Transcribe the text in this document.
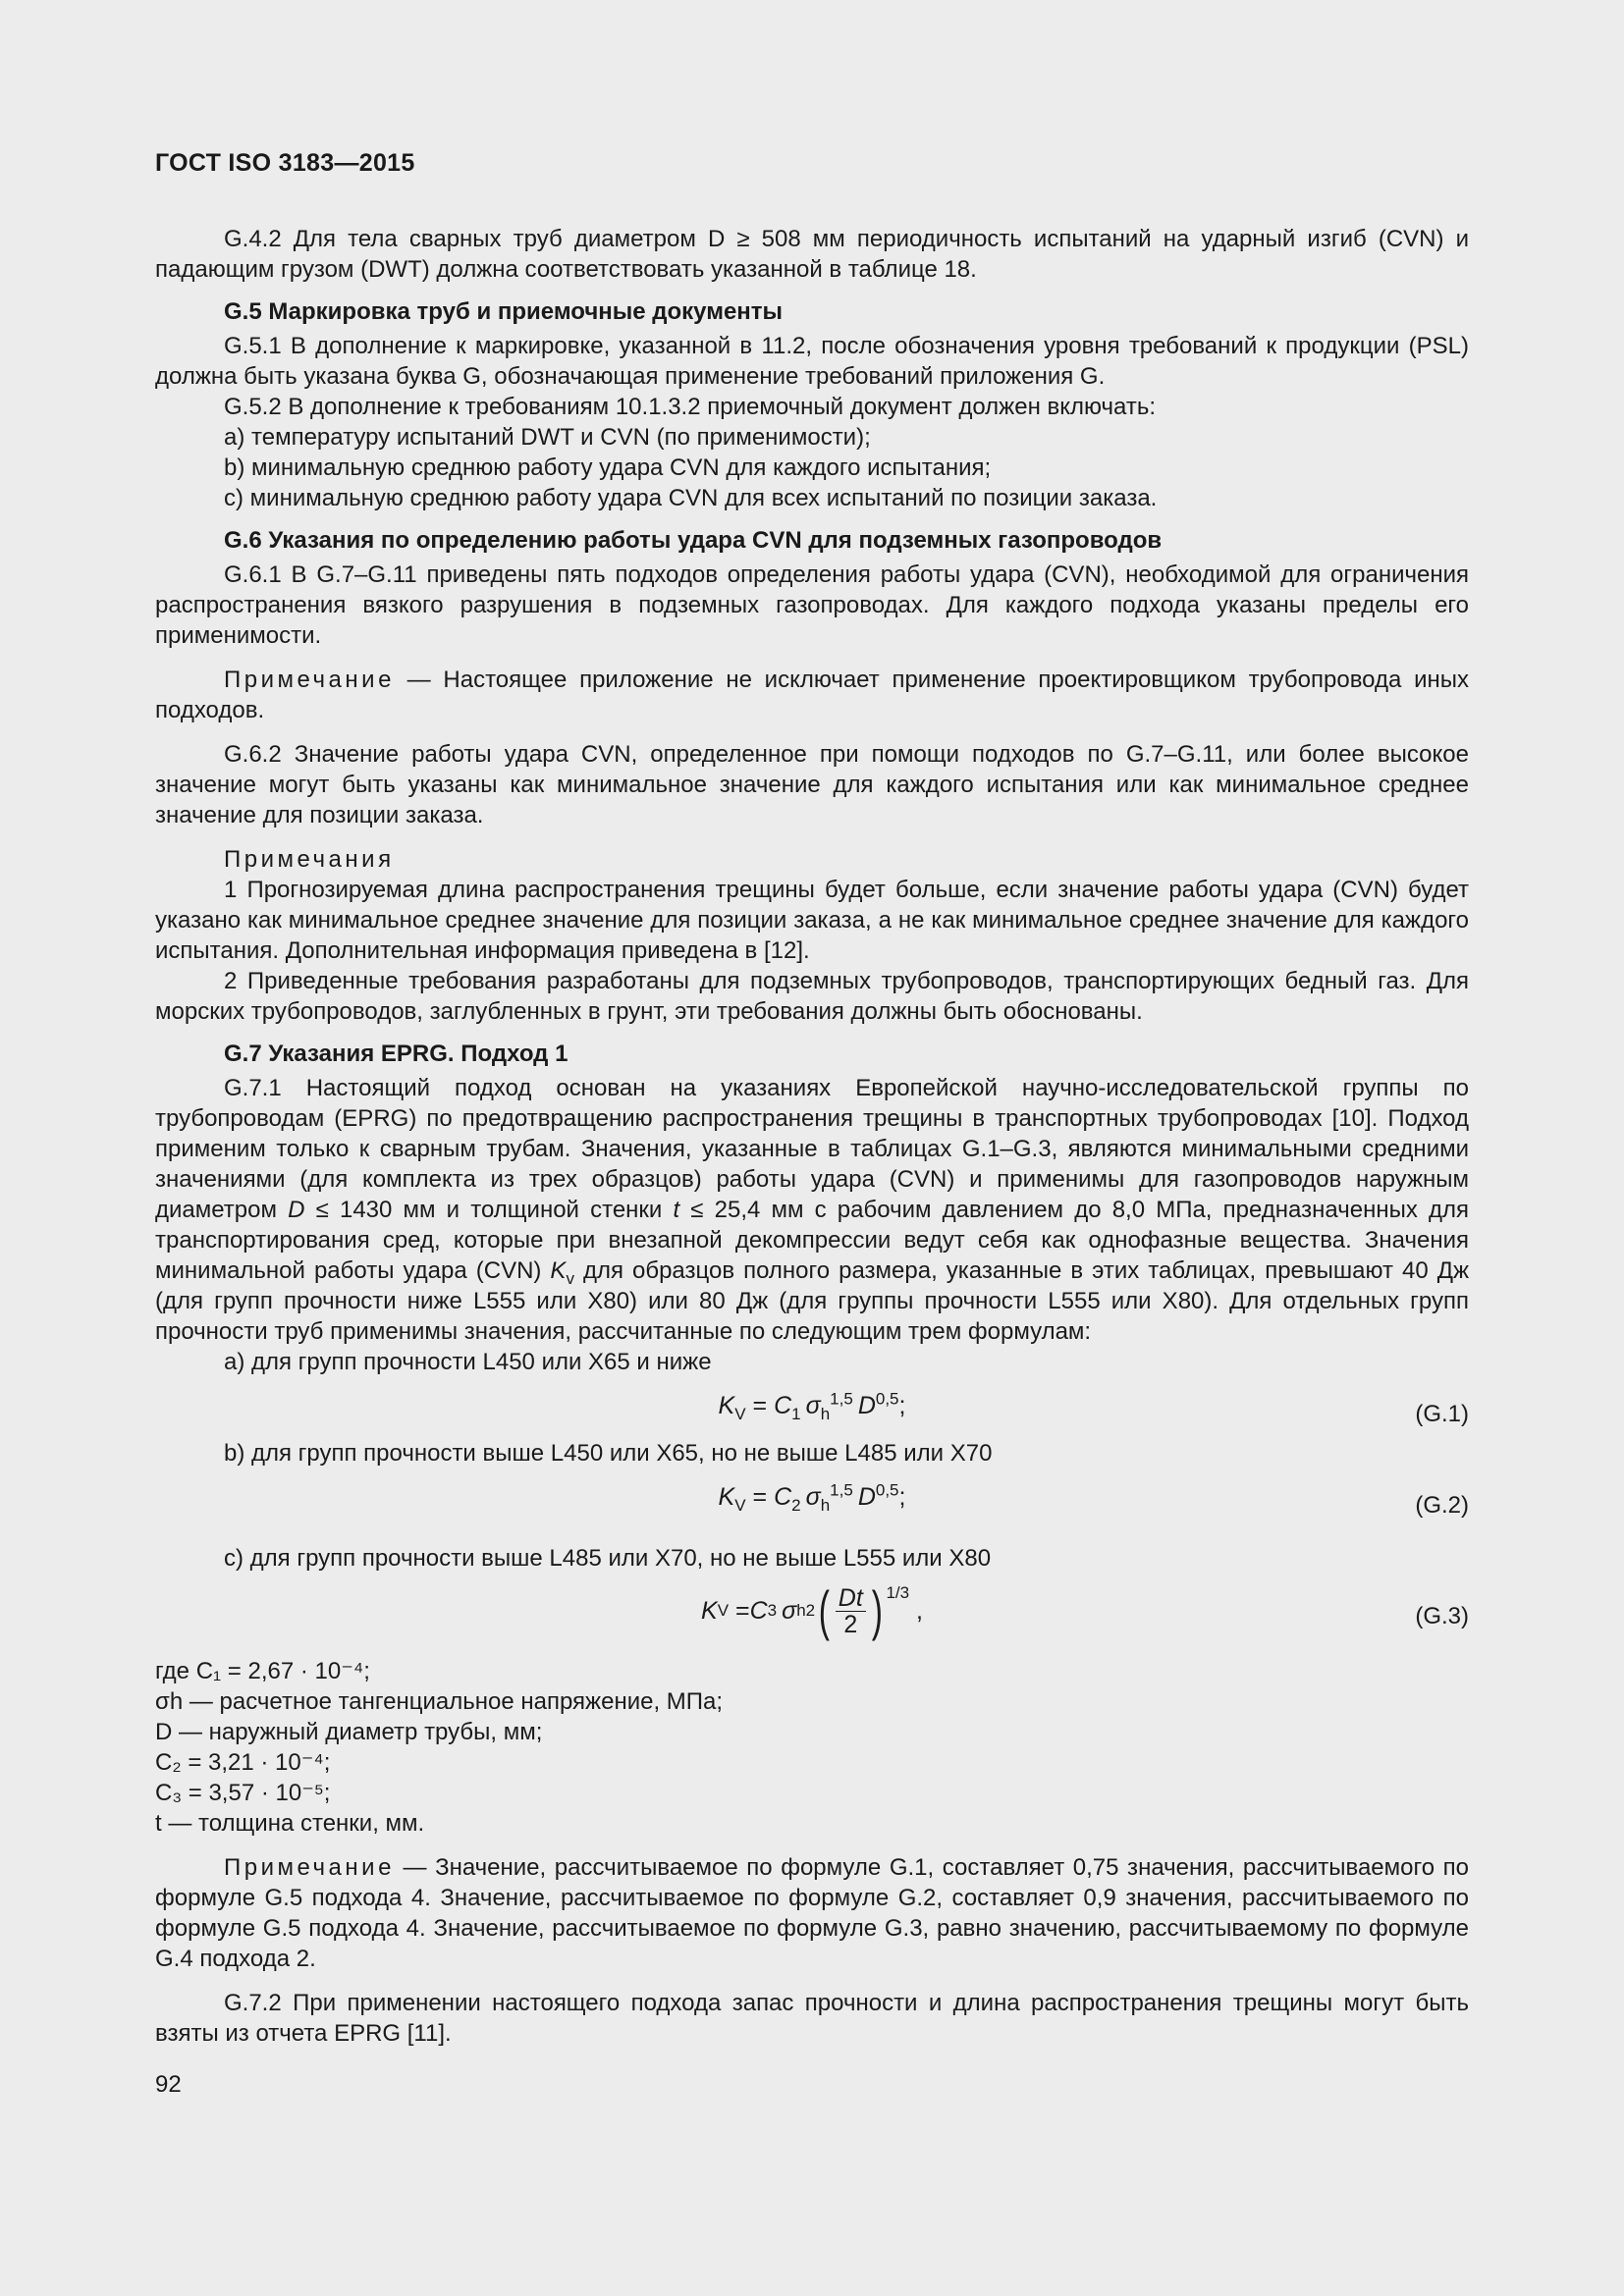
ГОСТ ISO 3183—2015

G.4.2 Для тела сварных труб диаметром D ≥ 508 мм периодичность испытаний на ударный изгиб (CVN) и падающим грузом (DWT) должна соответствовать указанной в таблице 18.

G.5 Маркировка труб и приемочные документы

G.5.1 В дополнение к маркировке, указанной в 11.2, после обозначения уровня требований к продукции (PSL) должна быть указана буква G, обозначающая применение требований приложения G.

G.5.2 В дополнение к требованиям 10.1.3.2 приемочный документ должен включать:

a) температуру испытаний DWT и CVN (по применимости);

b) минимальную среднюю работу удара CVN для каждого испытания;

c) минимальную среднюю работу удара CVN для всех испытаний по позиции заказа.

G.6 Указания по определению работы удара CVN для подземных газопроводов

G.6.1 В G.7–G.11 приведены пять подходов определения работы удара (CVN), необходимой для ограничения распространения вязкого разрушения в подземных газопроводах. Для каждого подхода указаны пределы его применимости.

Примечание — Настоящее приложение не исключает применение проектировщиком трубопровода иных подходов.

G.6.2 Значение работы удара CVN, определенное при помощи подходов по G.7–G.11, или более высокое значение могут быть указаны как минимальное значение для каждого испытания или как минимальное среднее значение для позиции заказа.

Примечания

1 Прогнозируемая длина распространения трещины будет больше, если значение работы удара (CVN) будет указано как минимальное среднее значение для позиции заказа, а не как минимальное среднее значение для каждого испытания. Дополнительная информация приведена в [12].

2 Приведенные требования разработаны для подземных трубопроводов, транспортирующих бедный газ. Для морских трубопроводов, заглубленных в грунт, эти требования должны быть обоснованы.

G.7 Указания EPRG. Подход 1

G.7.1 Настоящий подход основан на указаниях Европейской научно-исследовательской группы по трубопроводам (EPRG) по предотвращению распространения трещины в транспортных трубопроводах [10]. Подход применим только к сварным трубам. Значения, указанные в таблицах G.1–G.3, являются минимальными средними значениями (для комплекта из трех образцов) работы удара (CVN) и применимы для газопроводов наружным диаметром D ≤ 1430 мм и толщиной стенки t ≤ 25,4 мм с рабочим давлением до 8,0 МПа, предназначенных для транспортирования сред, которые при внезапной декомпрессии ведут себя как однофазные вещества. Значения минимальной работы удара (CVN) $K_v$ для образцов полного размера, указанные в этих таблицах, превышают 40 Дж (для групп прочности ниже L555 или X80) или 80 Дж (для группы прочности L555 или X80). Для отдельных групп прочности труб применимы значения, рассчитанные по следующим трем формулам:

a) для групп прочности L450 или X65 и ниже

$K_V = C_1$  $\sigma_h^{1,5}$  D$^{0,5}$;	(G.1)

b) для групп прочности выше L450 или X65, но не выше L485 или X70

$K_V = C_2$  $\sigma_h^{1,5}$  D$^{0,5}$;	(G.2)

c) для групп прочности выше L485 или X70, но не выше L555 или X80

K V = C 3
  σ h 2 ( $\frac{Dt}{2} )^{1/3}$
,	(G.3)

где C₁ = 2,67 · 10⁻⁴;

σh — расчетное тангенциальное напряжение, МПа;

D — наружный диаметр трубы, мм;

C₂ = 3,21 · 10⁻⁴;

C₃ = 3,57 · 10⁻⁵;

t — толщина стенки, мм.

Примечание — Значение, рассчитываемое по формуле G.1, составляет 0,75 значения, рассчитываемого по формуле G.5 подхода 4. Значение, рассчитываемое по формуле G.2, составляет 0,9 значения, рассчитываемого по формуле G.5 подхода 4. Значение, рассчитываемое по формуле G.3, равно значению, рассчитываемому по формуле G.4 подхода 2.

G.7.2 При применении настоящего подхода запас прочности и длина распространения трещины могут быть взяты из отчета EPRG [11].

92
